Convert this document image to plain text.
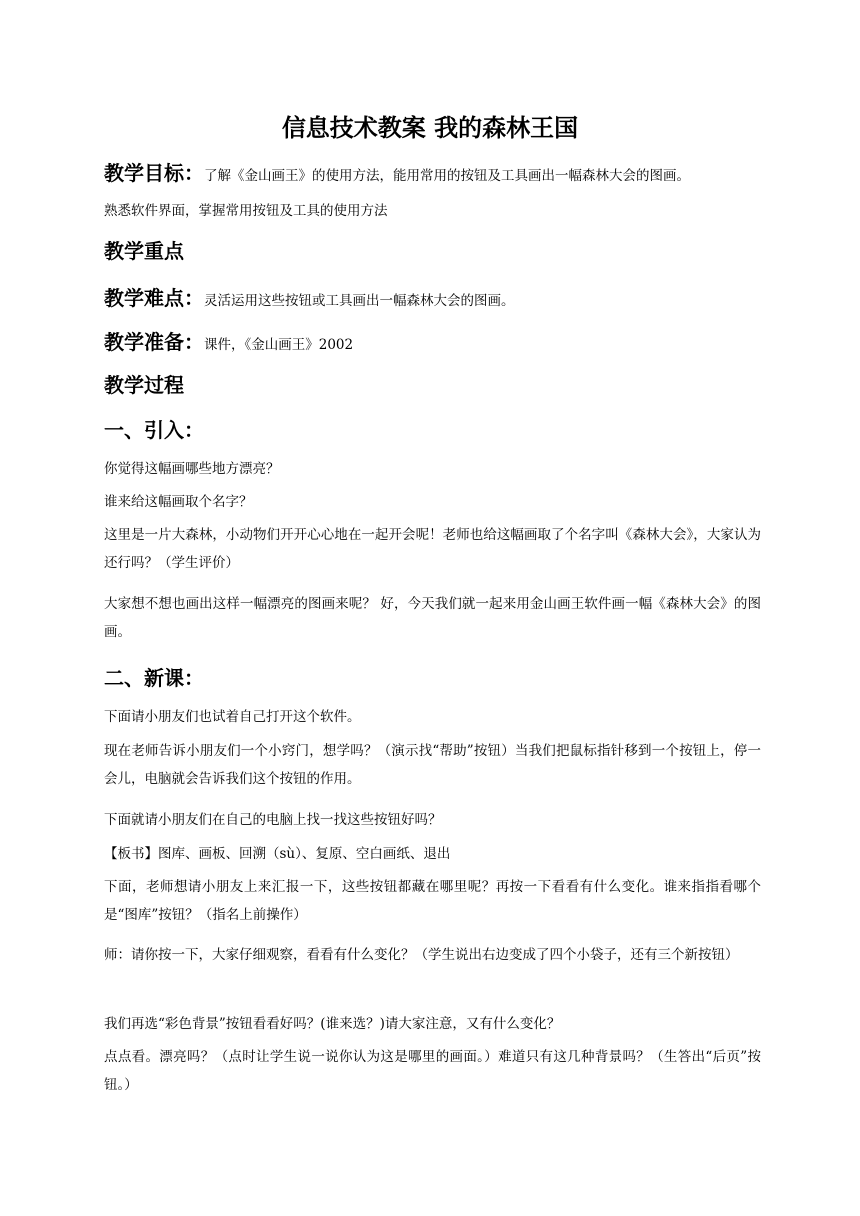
信息技术教案 我的森林王国
教学目标：了解《金山画王》的使用方法，能用常用的按钮及工具画出一幅森林大会的图画。
熟悉软件界面，掌握常用按钮及工具的使用方法
教学重点
教学难点：灵活运用这些按钮或工具画出一幅森林大会的图画。
教学准备：课件，《金山画王》2002
教学过程
一、引入：
你觉得这幅画哪些地方漂亮？
谁来给这幅画取个名字？
这里是一片大森林，小动物们开开心心地在一起开会呢！老师也给这幅画取了个名字叫《森林大会》，大家认为还行吗？（学生评价）
大家想不想也画出这样一幅漂亮的图画来呢？ 好，今天我们就一起来用金山画王软件画一幅《森林大会》的图画。
二、新课：
下面请小朋友们也试着自己打开这个软件。
现在老师告诉小朋友们一个小窍门，想学吗？（演示找“帮助”按钮）当我们把鼠标指针移到一个按钮上，停一会儿，电脑就会告诉我们这个按钮的作用。
下面就请小朋友们在自己的电脑上找一找这些按钮好吗？
【板书】图库、画板、回溯（sù）、复原、空白画纸、退出
下面，老师想请小朋友上来汇报一下，这些按钮都藏在哪里呢？再按一下看看有什么变化。谁来指指看哪个是“图库”按钮？（指名上前操作）
师：请你按一下，大家仔细观察，看看有什么变化？（学生说出右边变成了四个小袋子，还有三个新按钮）
我们再选“彩色背景”按钮看看好吗？(谁来选？)请大家注意，又有什么变化？
点点看。漂亮吗？（点时让学生说一说你认为这是哪里的画面。）难道只有这几种背景吗？（生答出“后页”按钮。）
